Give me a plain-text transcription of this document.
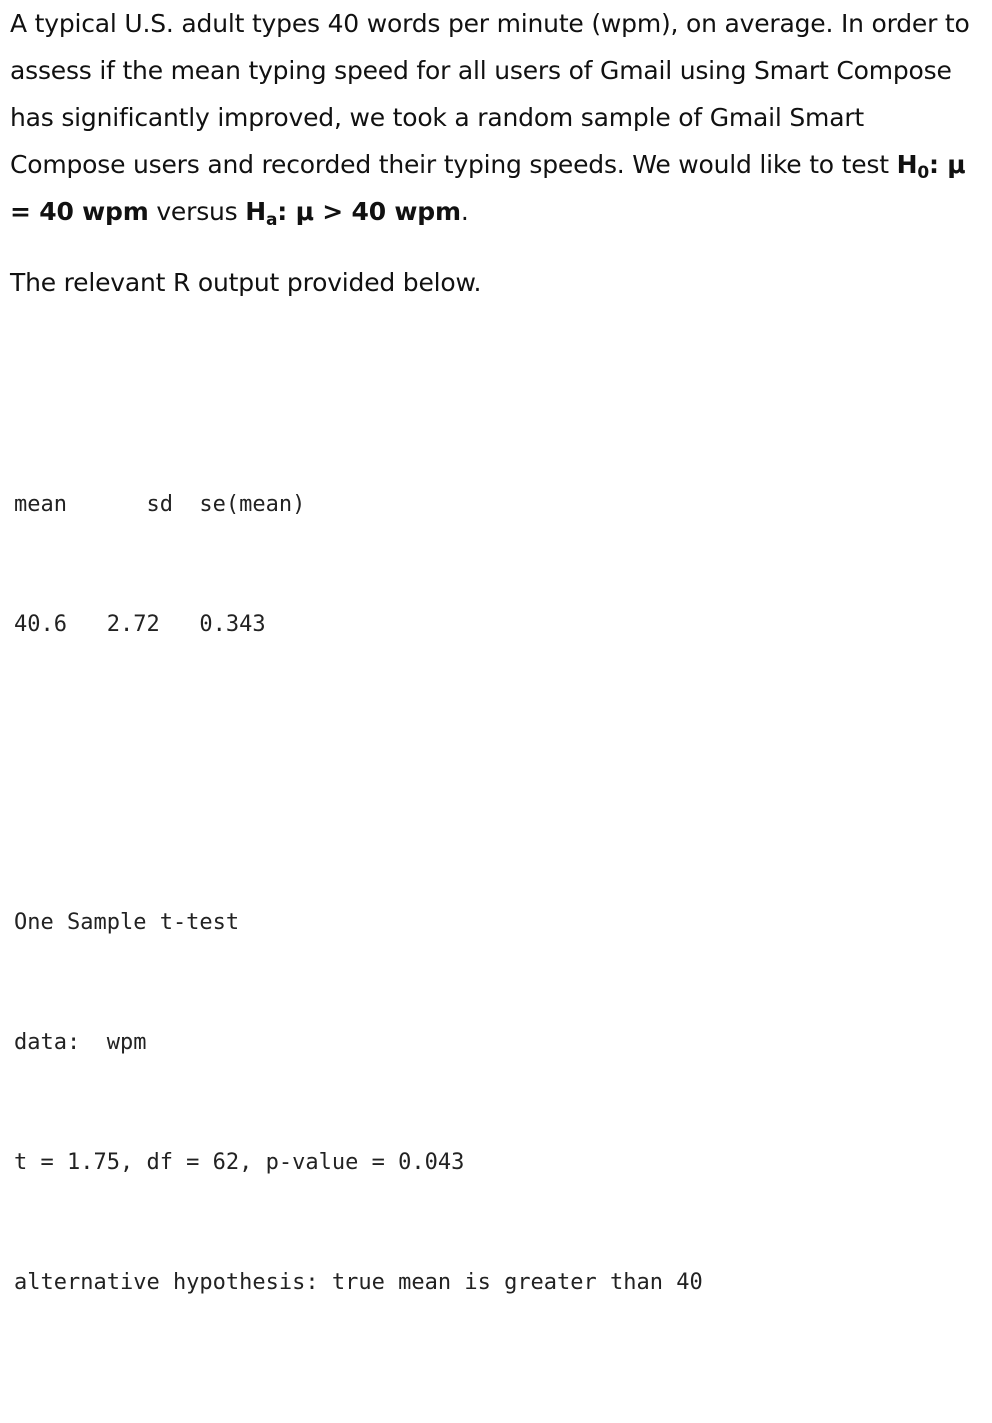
A typical U.S. adult types 40 words per minute (wpm), on average. In order to assess if the mean typing speed for all users of Gmail using Smart Compose has significantly improved, we took a random sample of Gmail Smart Compose users and recorded their typing speeds. We would like to test $H_0$: μ = 40 wpm versus $H_a$: μ > 40 wpm.

The relevant R output provided below.

mean      sd  se(mean)

40.6   2.72   0.343

One Sample t-test

data:  wpm

t = 1.75, df = 62, p-value = 0.043

alternative hypothesis: true mean is greater than 40
